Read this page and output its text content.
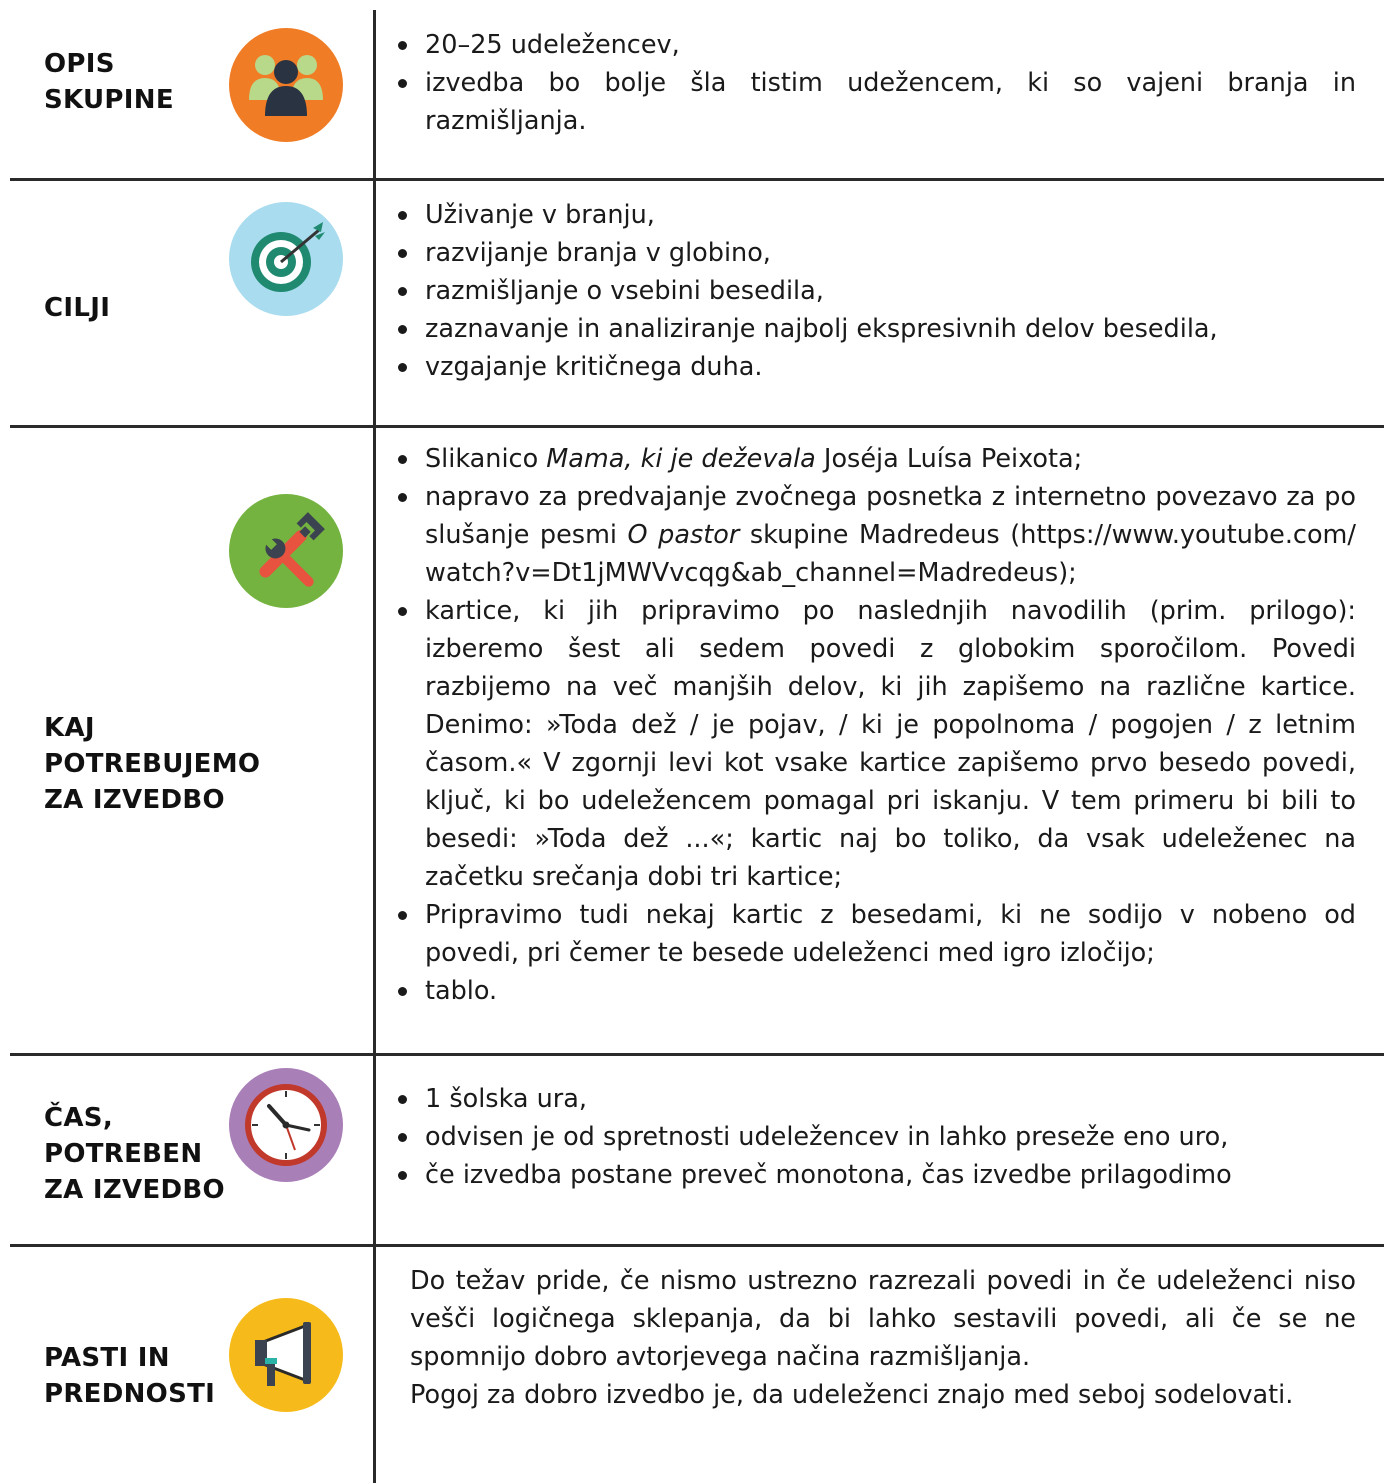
OPIS
SKUPINE
20–25 udeležencev,
izvedba bo bolje šla tistim udežencem, ki so vajeni branja in razmišljanja.
CILJI
Uživanje v branju,
razvijanje branja v globino,
razmišljanje o vsebini besedila,
zaznavanje in analiziranje najbolj ekspresivnih delov besedila,
vzgajanje kritičnega duha.
KAJ
POTREBUJEMO
ZA IZVEDBO
Slikanico Mama, ki je deževala Joséja Luísa Peixota;
napravo za predvajanje zvočnega posnetka z internetno povezavo za poslušanje pesmi O pastor skupine Madredeus (https://www.youtube.com/watch?v=Dt1jMWVvcqg&ab_channel=Madredeus);
kartice, ki jih pripravimo po naslednjih navodilih (prim. prilogo): izberemo šest ali sedem povedi z globokim sporočilom. Povedi razbijemo na več manjših delov, ki jih zapišemo na različne kartice. Denimo: »Toda dež / je pojav, / ki je popolnoma / pogojen / z letnim časom.« V zgornji levi kot vsake kartice zapišemo prvo besedo povedi, ključ, ki bo udeležencem pomagal pri iskanju. V tem primeru bi bili to besedi: »Toda dež ...«; kartic naj bo toliko, da vsak udeleženec na začetku srečanja dobi tri kartice;
Pripravimo tudi nekaj kartic z besedami, ki ne sodijo v nobeno od povedi, pri čemer te besede udeleženci med igro izločijo;
tablo.
ČAS,
POTREBEN
ZA IZVEDBO
1 šolska ura,
odvisen je od spretnosti udeležencev in lahko preseže eno uro,
če izvedba postane preveč monotona, čas izvedbe prilagodimo
PASTI IN
PREDNOSTI

Do težav pride, če nismo ustrezno razrezali povedi in če udeleženci niso vešči logičnega sklepanja, da bi lahko sestavili povedi, ali če se ne spomnijo dobro avtorjevega načina razmišljanja.

Pogoj za dobro izvedbo je, da udeleženci znajo med seboj sodelovati.
